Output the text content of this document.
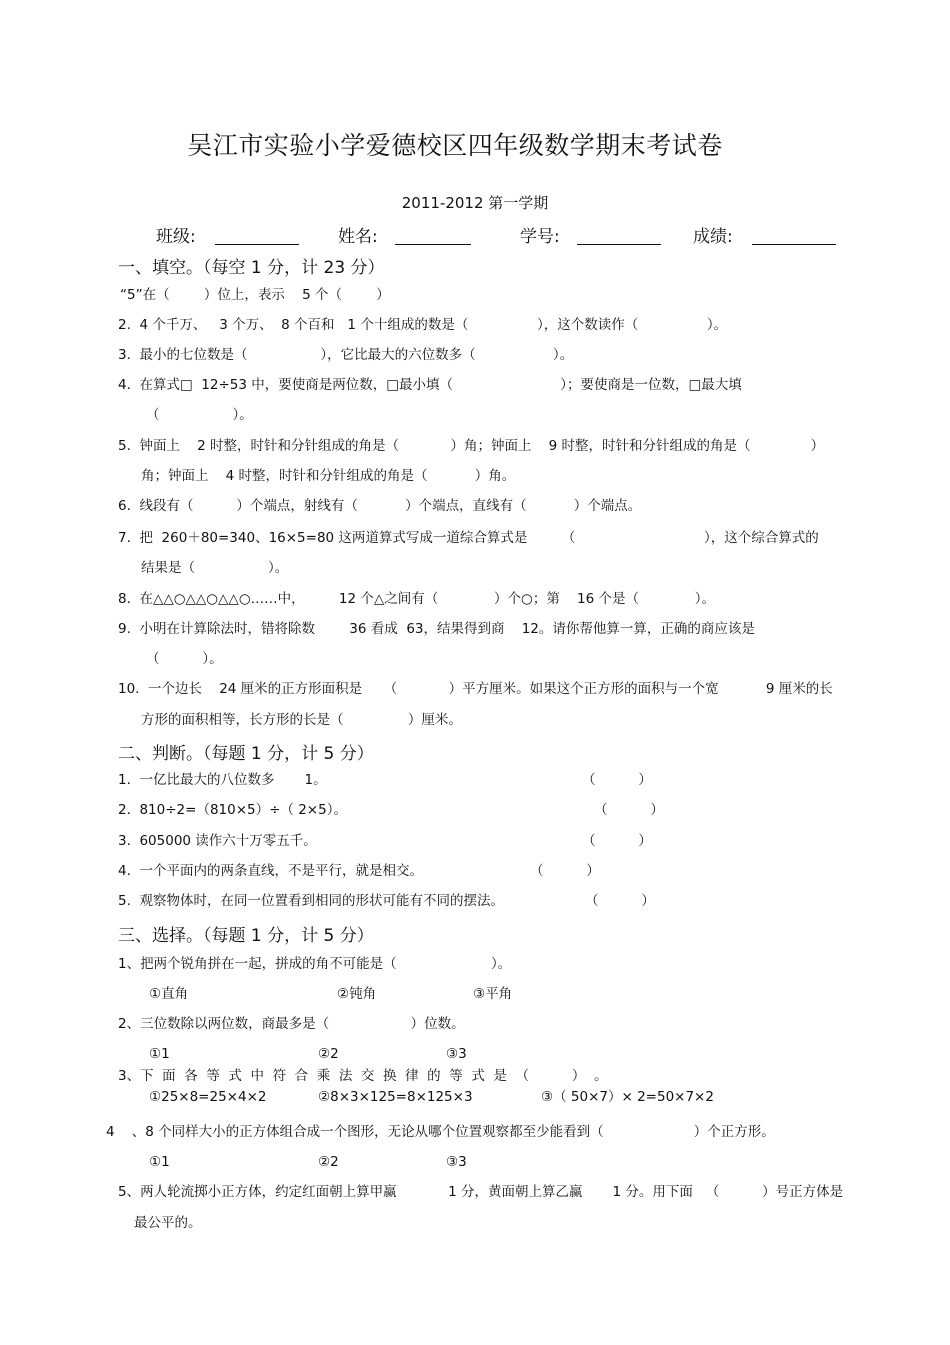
吴江市实验小学爱德校区四年级数学期末考试卷
2011-2012 第一学期
班级:	姓名:	学号:	成绩:
一、填空。（每空 1 分，计 23 分）
“5”在（        ）位上，表示    5 个（        ）
2.  4 个千万、   3 个万、  8 个百和   1 个十组成的数是（                ），这个数读作（                ）。
3.  最小的七位数是（                 ），它比最大的六位数多（                  ）。
4.  在算式□  12÷53 中，要使商是两位数，□最小填（                         ）；要使商是一位数，□最大填
（                 ）。
5.  钟面上    2 时整，时针和分针组成的角是（            ）角；钟面上    9 时整，时针和分针组成的角是（              ）
角；钟面上    4 时整，时针和分针组成的角是（           ）角。
6.  线段有（          ）个端点，射线有（           ）个端点，直线有（           ）个端点。
7.  把  260＋80=340、16×5=80 这两道算式写成一道综合算式是        （                              ），这个综合算式的
结果是（                 ）。
8.  在△△○△△○△△○……中，        12 个△之间有（             ）个○；第    16 个是（             ）。
9.  小明在计算除法时，错将除数        36 看成  63，结果得到商    12。请你帮他算一算，正确的商应该是
（          ）。
10.  一个边长    24 厘米的正方形面积是     （            ）平方厘米。如果这个正方形的面积与一个宽           9 厘米的长
方形的面积相等，长方形的长是（               ）厘米。
二、判断。（每题 1 分，计 5 分）
1.  一亿比最大的八位数多       1。	（          ）
2.  810÷2=（810×5）÷（ 2×5）。	（          ）
3.  605000 读作六十万零五千。	（          ）
4.  一个平面内的两条直线，不是平行，就是相交。	（          ）
5.  观察物体时，在同一位置看到相同的形状可能有不同的摆法。	（          ）
三、选择。（每题 1 分，计 5 分）
1、把两个锐角拼在一起，拼成的角不可能是（                      ）。
①直角	②钝角	③平角
2、三位数除以两位数，商最多是（                   ）位数。
①1	②2	③3
3、下  面  各  等  式  中  符  合  乘  法  交  换  律  的  等  式  是  （          ）  。
①25×8=25×4×2	②8×3×125=8×125×3	③（ 50×7）× 2=50×7×2
4    、8 个同样大小的正方体组合成一个图形，无论从哪个位置观察都至少能看到（                     ）个正方形。
①1	②2	③3
5、两人轮流掷小正方体，约定红面朝上算甲赢            1 分，黄面朝上算乙赢       1 分。用下面   （          ）号正方体是
最公平的。
